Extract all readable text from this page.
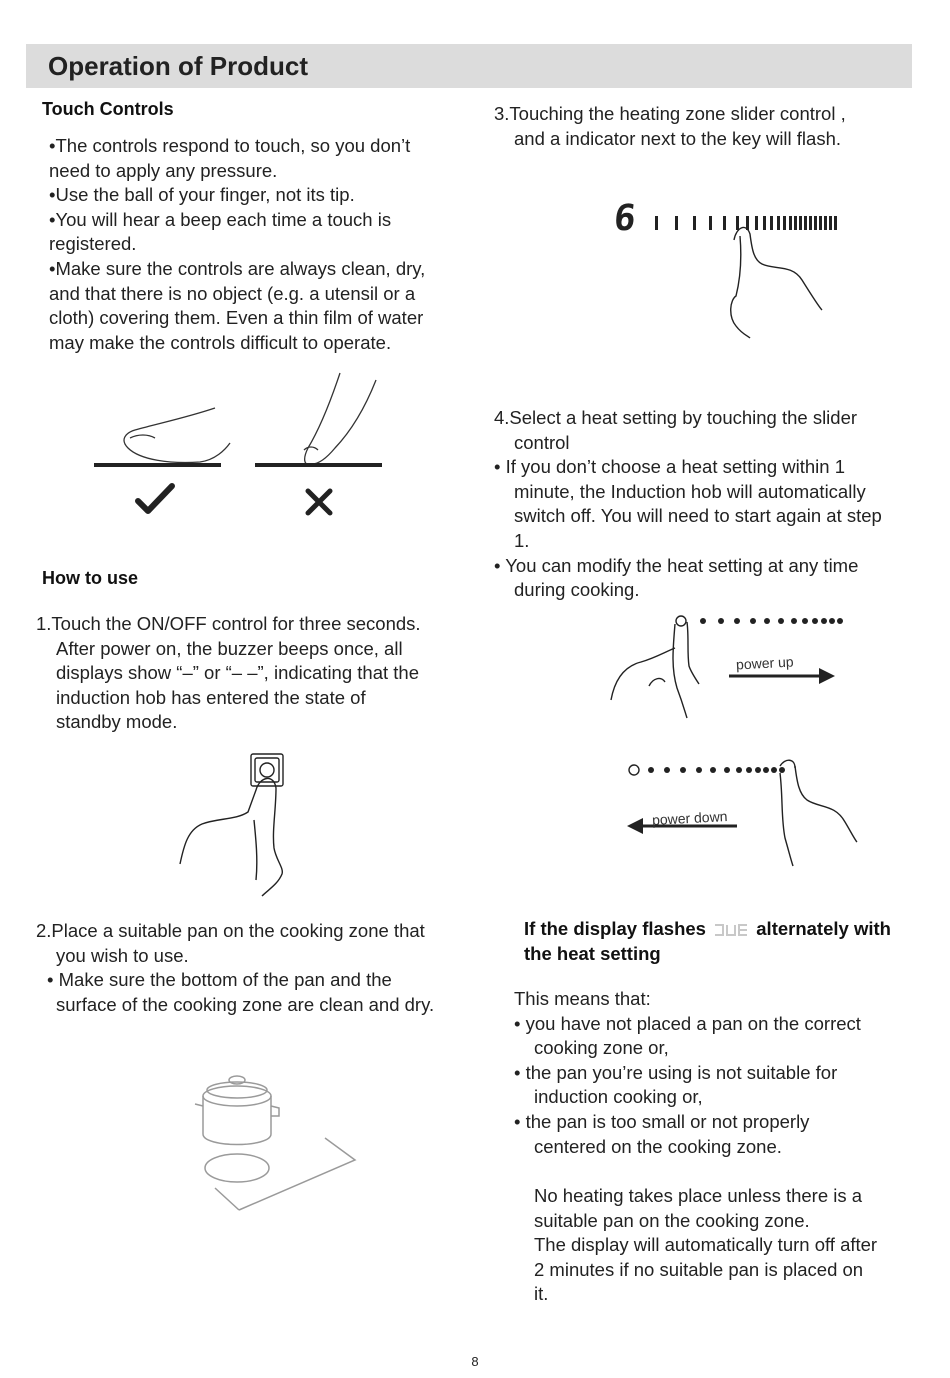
Operation of Product
Touch Controls

•The controls respond to touch, so you don’t

need to apply any pressure.

•Use the ball of your finger, not its tip.

•You will hear a beep each time a touch is

registered.

•Make sure the controls are always clean, dry,

and that there is no object (e.g. a utensil or a

cloth) covering them. Even a thin film of water

may make the controls difficult to operate.

How to use

1.Touch the ON/OFF control for three seconds.

After power on, the buzzer beeps once, all

displays show “–” or “– –”, indicating that the

induction hob has entered the state of

standby mode.

2.Place a suitable pan on the cooking zone that

you wish to use.

• Make sure the bottom of the pan and the

surface of the cooking zone are clean and dry.

3.Touching the heating zone slider control ,

and a indicator next to the key will flash.

6

4.Select a heat setting by touching the slider

control

• If you don’t choose a heat setting within 1

minute, the Induction hob will automatically

switch off. You will need to start again at step

1.

• You can modify the heat setting at any time

during cooking.

power up
power down
If the display flashes	alternately with
the heat setting

This means that:

• you have not placed a pan on the correct

cooking zone or,

• the pan you’re using is not suitable for

induction cooking or,

• the pan is too small or not properly

centered on the cooking zone.

No heating takes place unless there is a

suitable pan on the cooking zone.

The display will automatically turn off after

2 minutes if no suitable pan is placed on

it.

8
